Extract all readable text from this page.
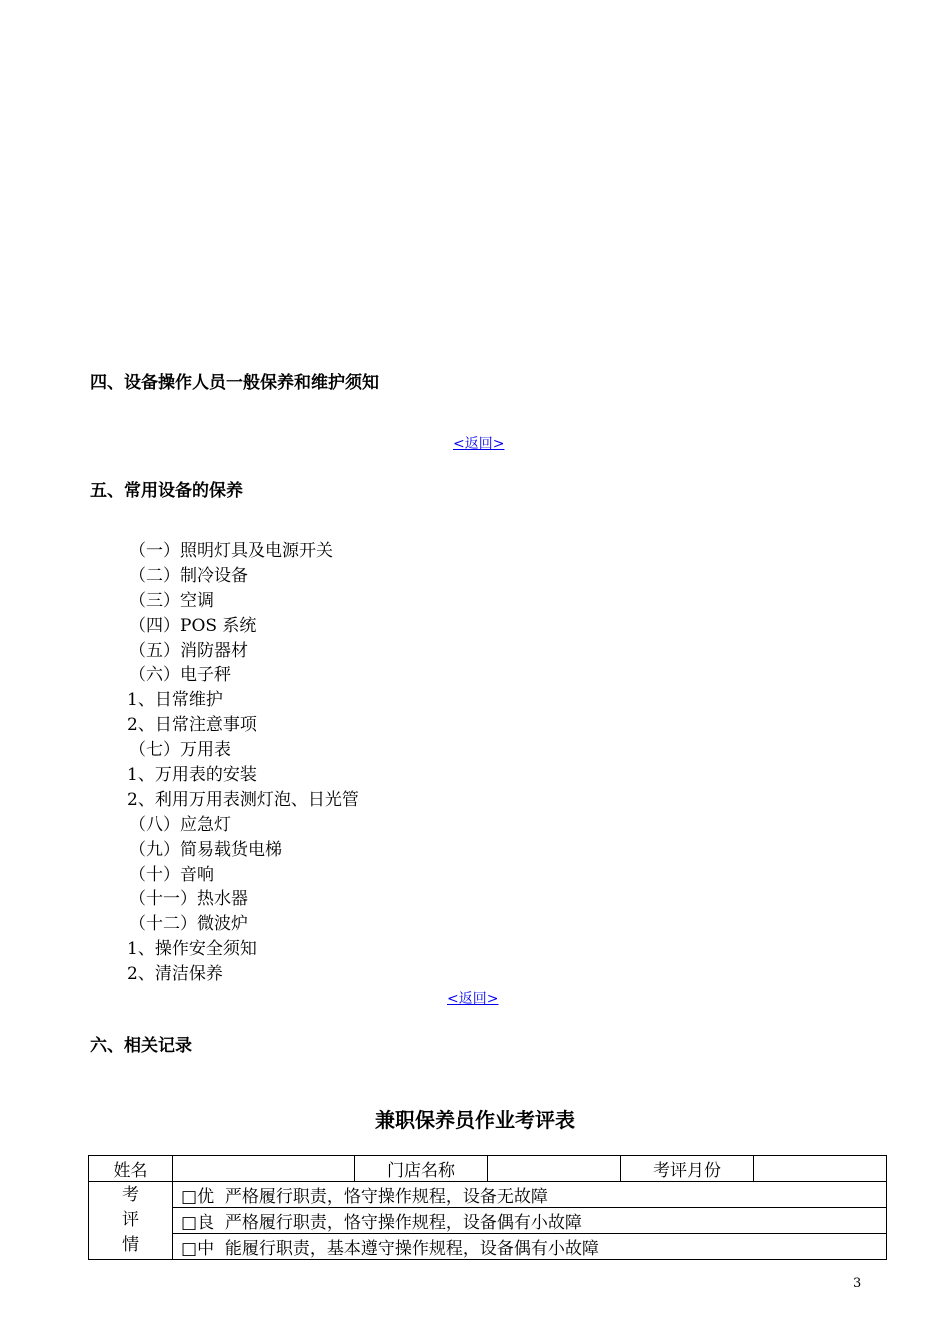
四、设备操作人员一般保养和维护须知
<返回>
五、常用设备的保养
（一）照明灯具及电源开关
（二）制冷设备
（三）空调
（四）POS 系统
（五）消防器材
（六）电子秤
1、日常维护
2、日常注意事项
（七）万用表
1、万用表的安装
2、利用万用表测灯泡、日光管
（八）应急灯
（九）简易载货电梯
（十）音响
（十一）热水器
（十二）微波炉
1、操作安全须知
2、清洁保养
<返回>
六、相关记录
兼职保养员作业考评表
姓名		门店名称		考评月份	

考
评
情	□优 严格履行职责，恪守操作规程，设备无故障				
	□良 严格履行职责，恪守操作规程，设备偶有小故障				
	□中 能履行职责，基本遵守操作规程，设备偶有小故障				
3
